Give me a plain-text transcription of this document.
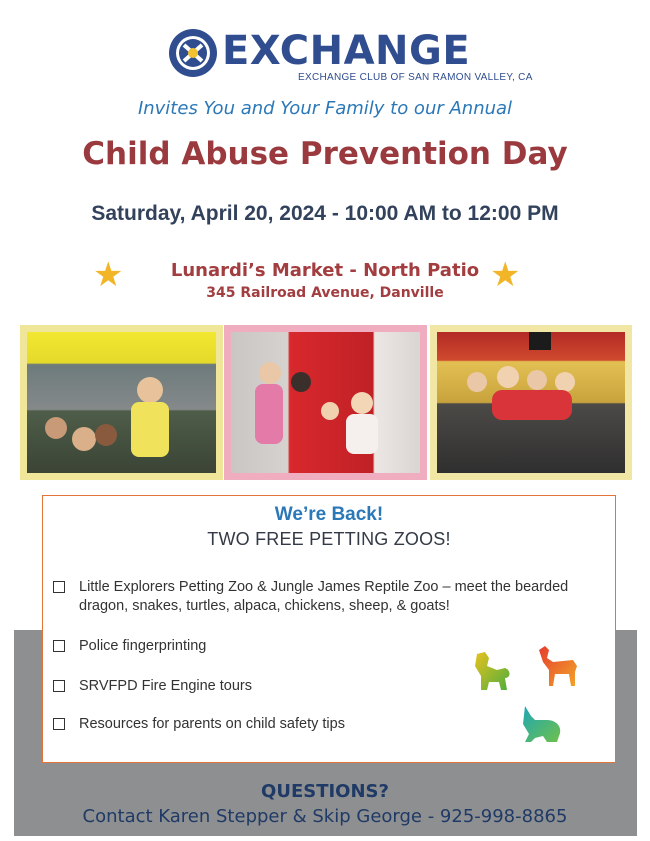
EXCHANGE
EXCHANGE CLUB OF SAN RAMON VALLEY, CA
Invites You and Your Family to our Annual
Child Abuse Prevention Day
Saturday, April 20, 2024 - 10:00 AM to 12:00 PM
★	★
Lunardi’s Market - North Patio
345 Railroad Avenue, Danville
We’re Back!
TWO FREE PETTING ZOOS!
Little Explorers Petting Zoo & Jungle James Reptile Zoo – meet the bearded dragon, snakes, turtles, alpaca, chickens, sheep, & goats!
Police fingerprinting
SRVFPD Fire Engine tours
Resources for parents on child safety tips
QUESTIONS?
Contact Karen Stepper & Skip George - 925-998-8865
